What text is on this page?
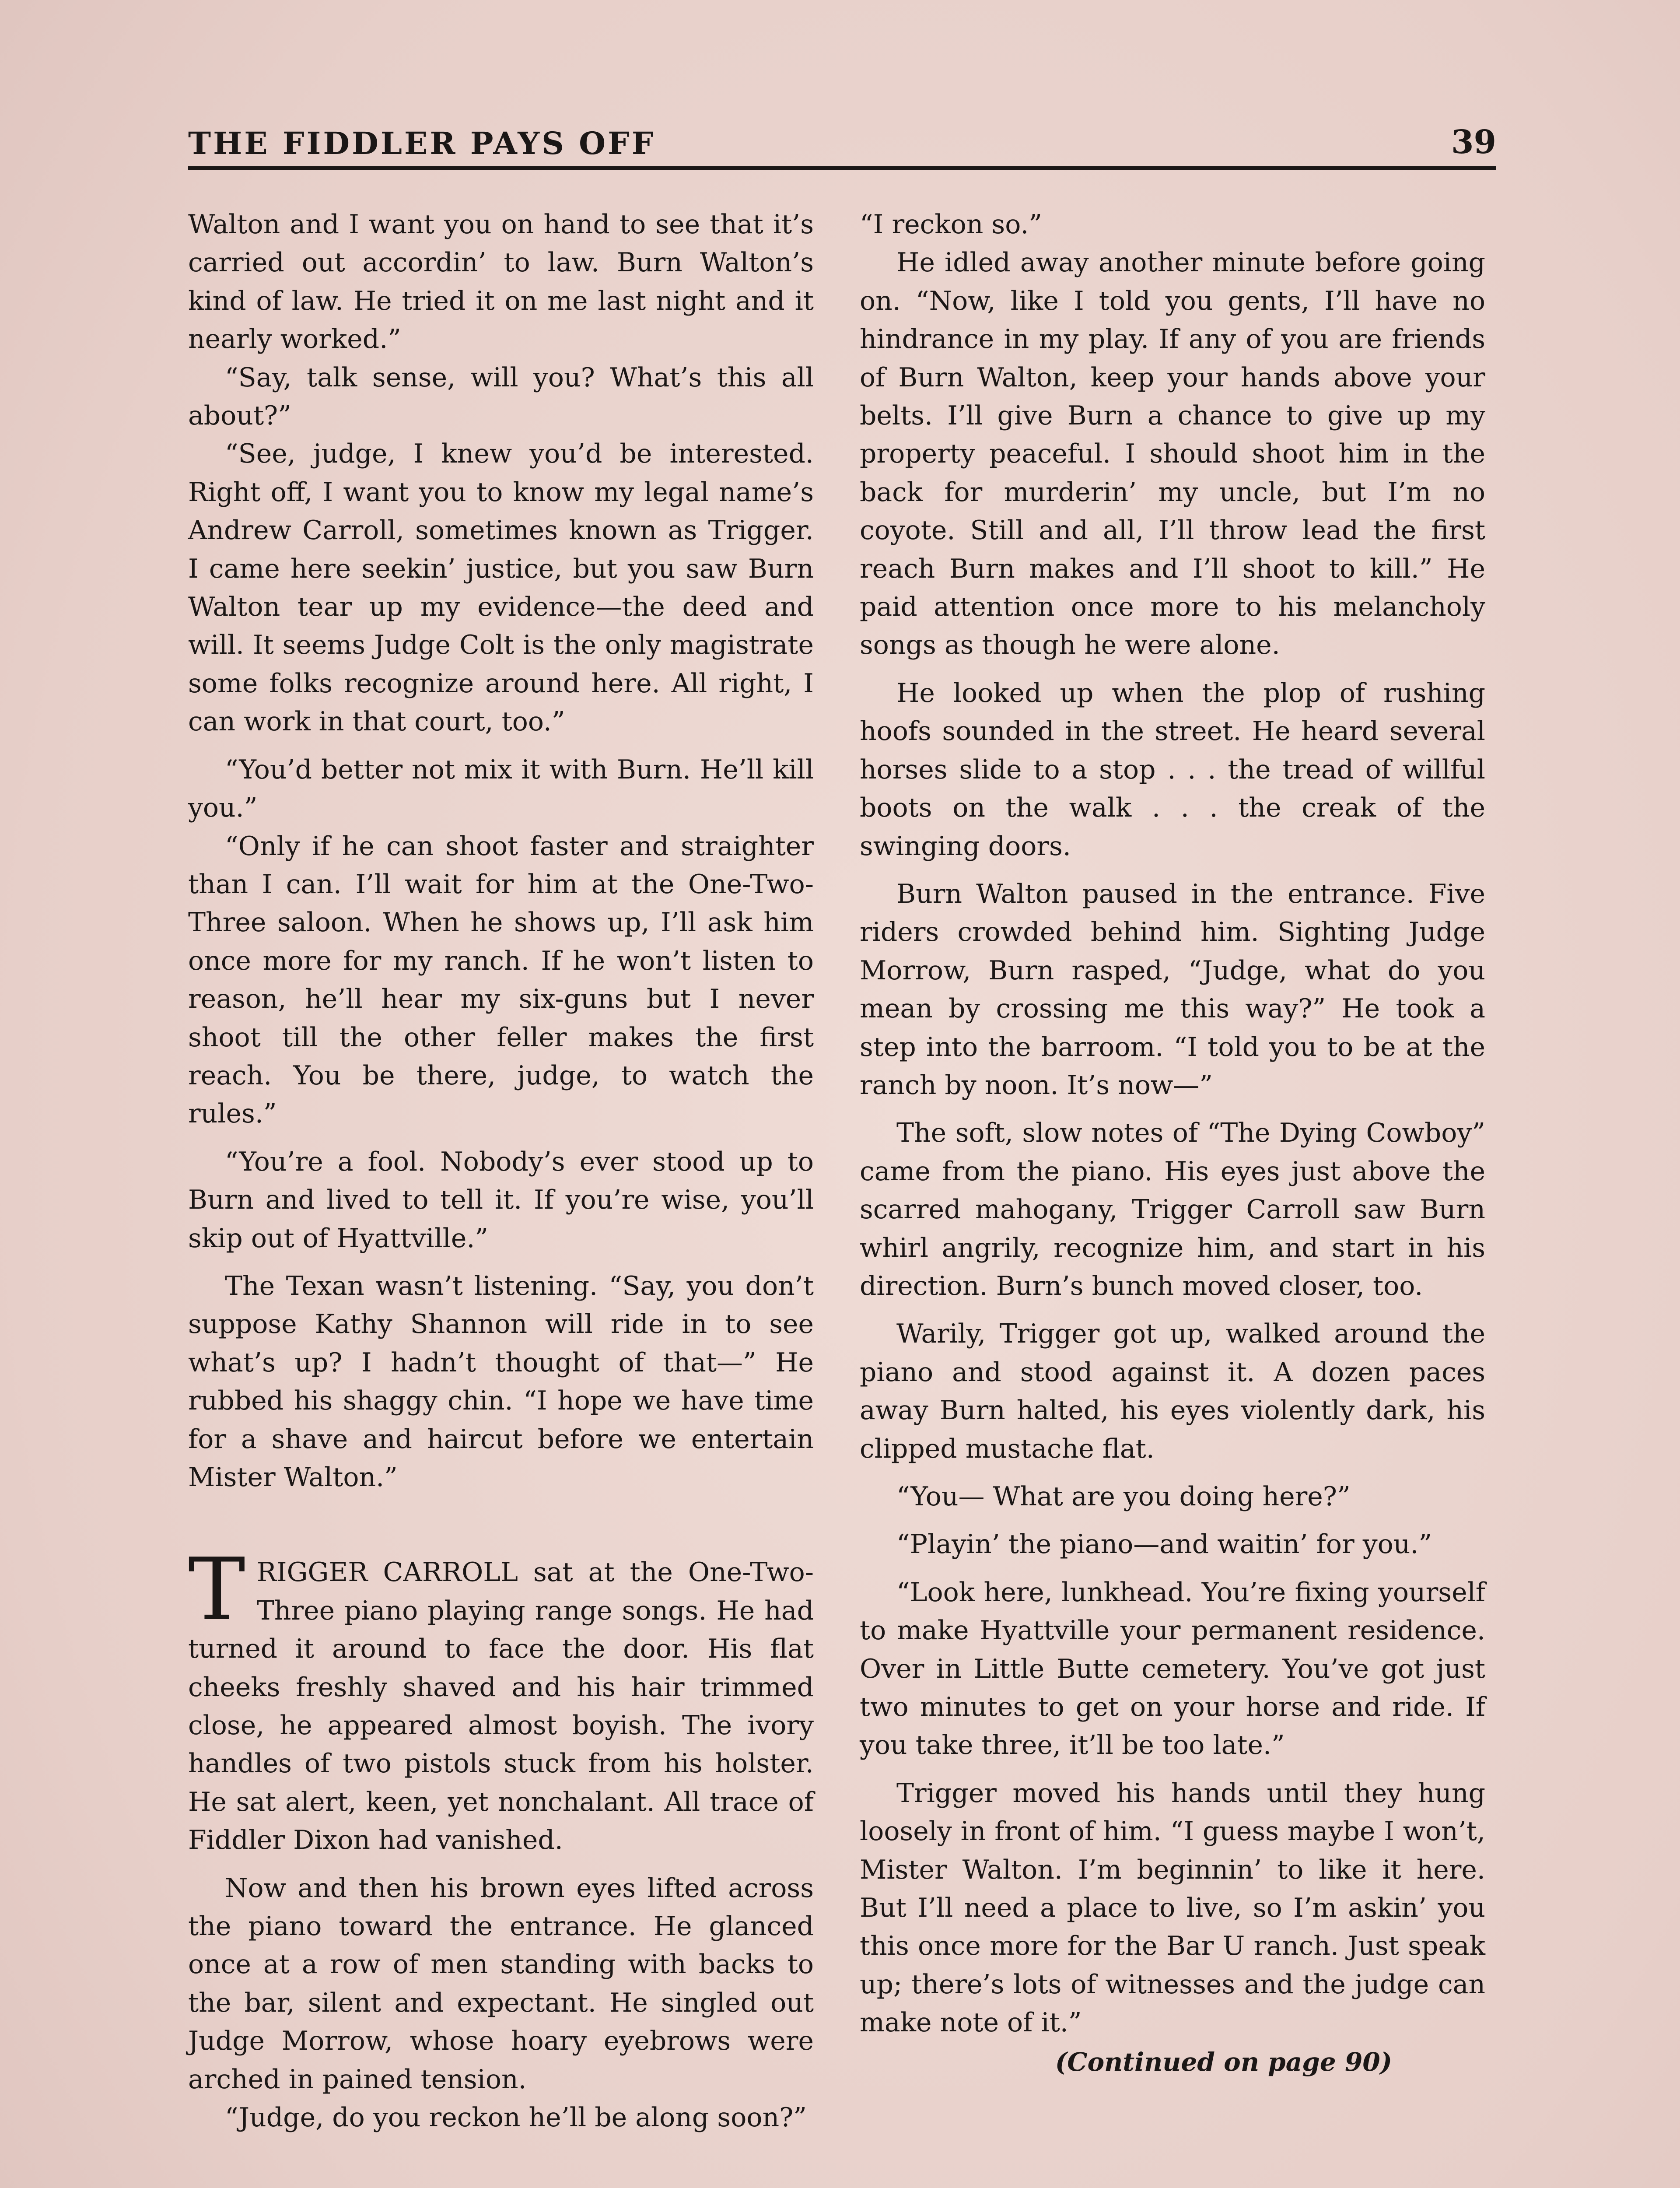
THE FIDDLER PAYS OFF	39

Walton and I want you on hand to see that it’s carried out accordin’ to law. Burn Walton’s kind of law. He tried it on me last night and it nearly worked.”

“Say, talk sense, will you? What’s this all about?”

“See, judge, I knew you’d be interested. Right off, I want you to know my legal name’s Andrew Carroll, sometimes known as Trigger. I came here seekin’ justice, but you saw Burn Walton tear up my evidence—the deed and will. It seems Judge Colt is the only magistrate some folks recognize around here. All right, I can work in that court, too.”

“You’d better not mix it with Burn. He’ll kill you.”

“Only if he can shoot faster and straighter than I can. I’ll wait for him at the One-Two-Three saloon. When he shows up, I’ll ask him once more for my ranch. If he won’t listen to reason, he’ll hear my six-guns but I never shoot till the other feller makes the first reach. You be there, judge, to watch the rules.”

“You’re a fool. Nobody’s ever stood up to Burn and lived to tell it. If you’re wise, you’ll skip out of Hyattville.”

The Texan wasn’t listening. “Say, you don’t suppose Kathy Shannon will ride in to see what’s up? I hadn’t thought of that—” He rubbed his shaggy chin. “I hope we have time for a shave and haircut before we entertain Mister Walton.”

TRIGGER CARROLL sat at the One-Two-Three piano playing range songs. He had turned it around to face the door. His flat cheeks freshly shaved and his hair trimmed close, he appeared almost boyish. The ivory handles of two pistols stuck from his holster. He sat alert, keen, yet nonchalant. All trace of Fiddler Dixon had vanished.

Now and then his brown eyes lifted across the piano toward the entrance. He glanced once at a row of men standing with backs to the bar, silent and expectant. He singled out Judge Morrow, whose hoary eyebrows were arched in pained tension.

“Judge, do you reckon he’ll be along soon?”

“I reckon so.”

He idled away another minute before going on. “Now, like I told you gents, I’ll have no hindrance in my play. If any of you are friends of Burn Walton, keep your hands above your belts. I’ll give Burn a chance to give up my property peaceful. I should shoot him in the back for murderin’ my uncle, but I’m no coyote. Still and all, I’ll throw lead the first reach Burn makes and I’ll shoot to kill.” He paid attention once more to his melancholy songs as though he were alone.

He looked up when the plop of rushing hoofs sounded in the street. He heard several horses slide to a stop . . . the tread of willful boots on the walk . . . the creak of the swinging doors.

Burn Walton paused in the entrance. Five riders crowded behind him. Sighting Judge Morrow, Burn rasped, “Judge, what do you mean by crossing me this way?” He took a step into the barroom. “I told you to be at the ranch by noon. It’s now—”

The soft, slow notes of “The Dying Cowboy” came from the piano. His eyes just above the scarred mahogany, Trigger Carroll saw Burn whirl angrily, recognize him, and start in his direction. Burn’s bunch moved closer, too.

Warily, Trigger got up, walked around the piano and stood against it. A dozen paces away Burn halted, his eyes violently dark, his clipped mustache flat.

“You— What are you doing here?”

“Playin’ the piano—and waitin’ for you.”

“Look here, lunkhead. You’re fixing yourself to make Hyattville your permanent residence. Over in Little Butte cemetery. You’ve got just two minutes to get on your horse and ride. If you take three, it’ll be too late.”

Trigger moved his hands until they hung loosely in front of him. “I guess maybe I won’t, Mister Walton. I’m beginnin’ to like it here. But I’ll need a place to live, so I’m askin’ you this once more for the Bar U ranch. Just speak up; there’s lots of witnesses and the judge can make note of it.”

(Continued on page 90)
